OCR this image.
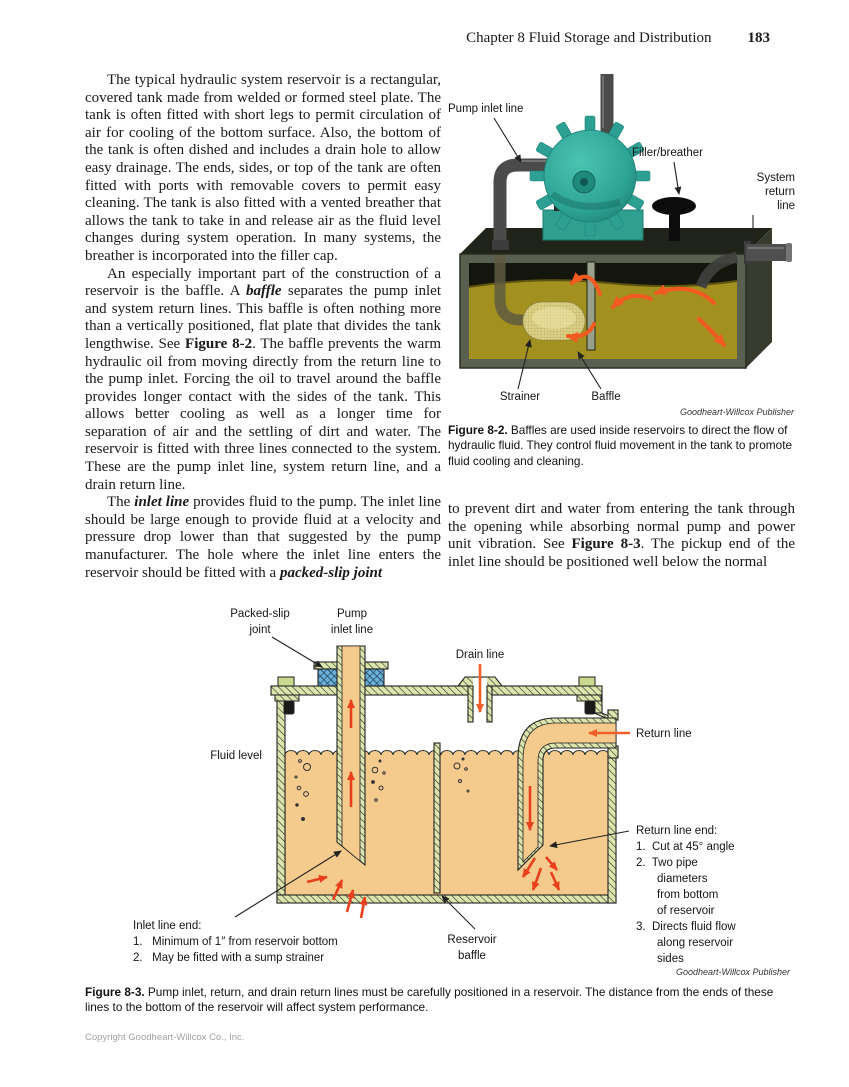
Chapter 8 Fluid Storage and Distribution 183

The typical hydraulic system reservoir is a rectangular, covered tank made from welded or formed steel plate. The tank is often fitted with short legs to permit circulation of air for cooling of the bottom surface. Also, the bottom of the tank is often dished and includes a drain hole to allow easy drainage. The ends, sides, or top of the tank are often fitted with ports with removable covers to permit easy cleaning. The tank is also fitted with a vented breather that allows the tank to take in and release air as the fluid level changes during system operation. In many systems, the breather is incorporated into the filler cap.

An especially important part of the construction of a reservoir is the baffle. A baffle separates the pump inlet and system return lines. This baffle is often nothing more than a vertically positioned, flat plate that divides the tank lengthwise. See Figure 8-2. The baffle prevents the warm hydraulic oil from moving directly from the return line to the pump inlet. Forcing the oil to travel around the baffle provides longer contact with the sides of the tank. This allows better cooling as well as a longer time for separation of air and the settling of dirt and water. The reservoir is fitted with three lines connected to the system. These are the pump inlet line, system return line, and a drain return line.

The inlet line provides fluid to the pump. The inlet line should be large enough to provide fluid at a velocity and pressure drop lower than that suggested by the pump manufacturer. The hole where the inlet line enters the reservoir should be fitted with a packed-slip joint

Pump inlet line
Filler/breather
System
return
line
Strainer	Baffle
Goodheart-Willcox Publisher
Figure 8-2. Baffles are used inside reservoirs to direct the flow of hydraulic fluid. They control fluid movement in the tank to promote fluid cooling and cleaning.

to prevent dirt and water from entering the tank through the opening while absorbing normal pump and power unit vibration. See Figure 8-3. The pickup end of the inlet line should be positioned well below the normal

Packed-slip
joint
Pump
inlet line
Drain line
Return line
Fluid level
Inlet line end:
1.   Minimum of 1″ from reservoir bottom
2.   May be fitted with a sump strainer
Reservoir
baffle
Return line end:
1.  Cut at 45° angle
2.  Two pipe
diameters
from bottom
of reservoir
3.  Directs fluid flow
along reservoir
sides
Goodheart-Willcox Publisher
Figure 8-3. Pump inlet, return, and drain return lines must be carefully positioned in a reservoir. The distance from the ends of these lines to the bottom of the reservoir will affect system performance.
Copyright Goodheart-Willcox Co., Inc.
